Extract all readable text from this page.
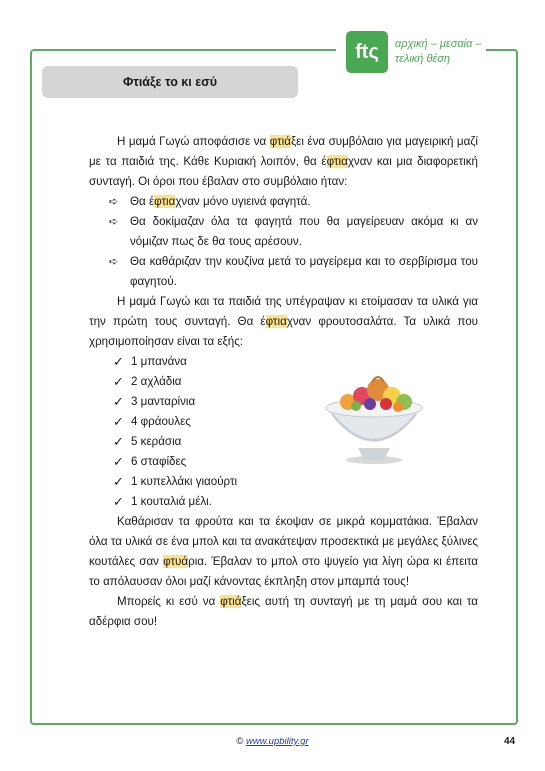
ftς	αρχική – μεσαία –
τελική θέση
Φτιάξε το κι εσύ

Η μαμά Γωγώ αποφάσισε να φτιάξει ένα συμβόλαιο για μαγειρική μαζί με τα παιδιά της. Κάθε Κυριακή λοιπόν, θα έφτιαχναν και μια διαφορετική συνταγή. Οι όροι που έβαλαν στο συμβόλαιο ήταν:

➪ Θα έφτιαχναν μόνο υγιεινά φαγητά.
➪ Θα δοκίμαζαν όλα τα φαγητά που θα μαγείρευαν ακόμα κι αν νόμιζαν πως δε θα τους αρέσουν.
➪ Θα καθάριζαν την κουζίνα μετά το μαγείρεμα και το σερβίρισμα του φαγητού.

Η μαμά Γωγώ και τα παιδιά της υπέγραψαν κι ετοίμασαν τα υλικά για την πρώτη τους συνταγή. Θα έφτιαχναν φρουτοσαλάτα. Τα υλικά που χρησιμοποίησαν είναι τα εξής:

✓ 1 μπανάνα
✓ 2 αχλάδια
✓ 3 μανταρίνια
✓ 4 φράουλες
✓ 5 κεράσια
✓ 6 σταφίδες
✓ 1 κυπελλάκι γιαούρτι
✓ 1 κουταλιά μέλι.

Καθάρισαν τα φρούτα και τα έκοψαν σε μικρά κομματάκια. Έβαλαν όλα τα υλικά σε ένα μπολ και τα ανακάτεψαν προσεκτικά με μεγάλες ξύλινες κουτάλες σαν φτυάρια. Έβαλαν το μπολ στο ψυγείο για λίγη ώρα κι έπειτα το απόλαυσαν όλοι μαζί κάνοντας έκπληξη στον μπαμπά τους!

Μπορείς κι εσύ να φτιάξεις αυτή τη συνταγή με τη μαμά σου και τα αδέρφια σου!

© www.upbility.gr	44
